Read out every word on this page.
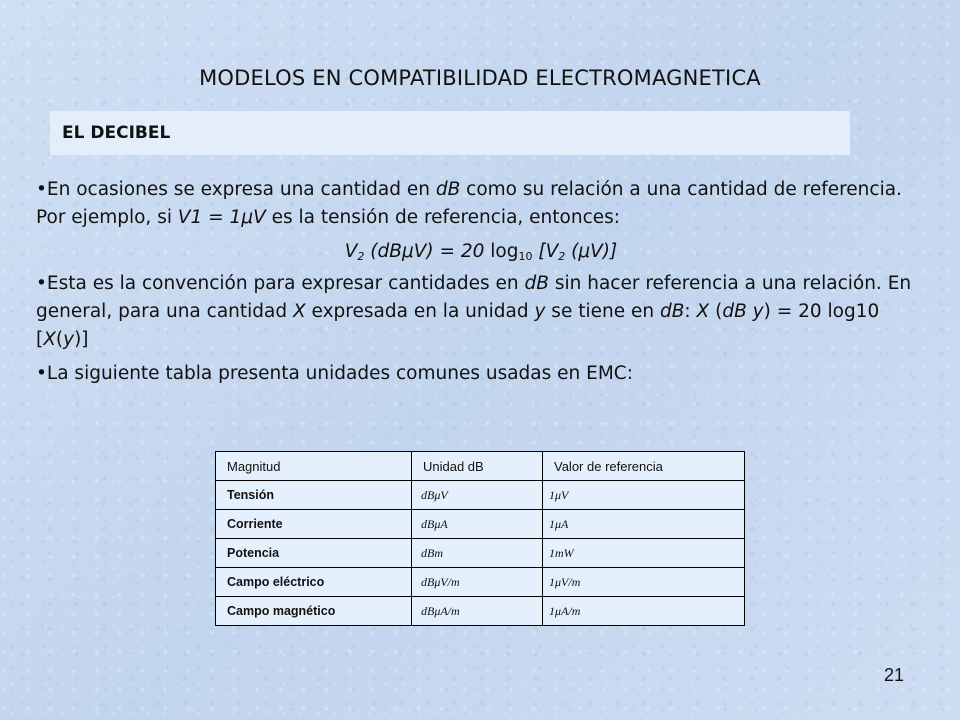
MODELOS EN COMPATIBILIDAD ELECTROMAGNETICA
EL DECIBEL

•En ocasiones se expresa una cantidad en dB como su relación a una cantidad de referencia. Por ejemplo, si V1 = 1μV es la tensión de referencia, entonces:

$V_2$ (dBμV) = 20 $\log_{10} [V_2$ (μV)]

•Esta es la convención para expresar cantidades en dB sin hacer referencia a una relación. En general, para una cantidad X expresada en la unidad y se tiene en dB: X (dB y) = 20 log10 [X(y)]

•La siguiente tabla presenta unidades comunes usadas en EMC:

Magnitud	Unidad dB	Valor de referencia
Tensión	dBμV	1μV
Corriente	dBμA	1μA
Potencia	dBm	1mW
Campo eléctrico	dBμV/m	1μV/m
Campo magnético	dBμA/m	1μA/m
21
